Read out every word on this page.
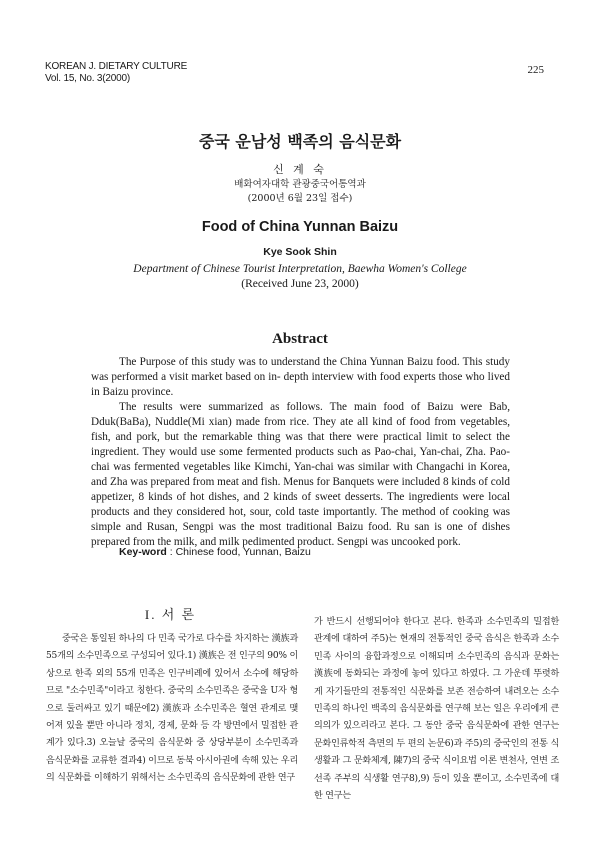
KOREAN J. DIETARY CULTURE
Vol. 15, No. 3(2000)
225
중국 운남성 백족의 음식문화
신 계 숙
배화여자대학 관광중국어통역과
(2000년 6월 23일 접수)
Food of China Yunnan Baizu
Kye Sook Shin
Department of Chinese Tourist Interpretation, Baewha Women's College
(Received June 23, 2000)
Abstract

The Purpose of this study was to understand the China Yunnan Baizu food. This study was performed a visit market based on in- depth interview with food experts those who lived in Baizu province.

The results were summarized as follows. The main food of Baizu were Bab, Dduk(BaBa), Nuddle(Mi xian) made from rice. They ate all kind of food from vegetables, fish, and pork, but the remarkable thing was that there were practical limit to select the ingredient. They would use some fermented products such as Pao-chai, Yan-chai, Zha. Pao-chai was fermented vegetables like Kimchi, Yan-chai was similar with Changachi in Korea, and Zha was prepared from meat and fish. Menus for Banquets were included 8 kinds of cold appetizer, 8 kinds of hot dishes, and 2 kinds of sweet desserts. The ingredients were local products and they considered hot, sour, cold taste importantly. The method of cooking was simple and Rusan, Sengpi was the most traditional Baizu food. Ru san is one of dishes prepared from the milk, and milk pedimented product. Sengpi was uncooked pork.

Key-word : Chinese food, Yunnan, Baizu
I. 서 론

중국은 통일된 하나의 다 민족 국가로 다수를 차지하는 漢族과 55개의 소수민족으로 구성되어 있다.1) 漢族은 전 인구의 90% 이상으로 한족 외의 55개 민족은 인구비례에 있어서 소수에 해당하므로 "소수민족"이라고 칭한다. 중국의 소수민족은 중국을 U자 형으로 둘러싸고 있기 때문에2) 漢族과 소수민족은 혈연 관계로 맺어져 있을 뿐만 아니라 정치, 경제, 문화 등 각 방면에서 밀접한 관계가 있다.3) 오늘날 중국의 음식문화 중 상당부분이 소수민족과 음식문화를 교류한 결과4) 이므로 동북 아시아권에 속해 있는 우리의 식문화를 이해하기 위해서는 소수민족의 음식문화에 관한 연구

가 반드시 선행되어야 한다고 본다. 한족과 소수민족의 밀접한 관계에 대하여 주5)는 현재의 전통적인 중국 음식은 한족과 소수민족 사이의 융합과정으로 이해되며 소수민족의 음식과 문화는 漢族에 동화되는 과정에 놓여 있다고 하였다. 그 가운데 뚜렷하게 자기들만의 전통적인 식문화를 보존 전승하여 내려오는 소수민족의 하나인 백족의 음식문화를 연구해 보는 일은 우리에게 큰 의의가 있으리라고 본다. 그 동안 중국 음식문화에 관한 연구는 문화인류학적 측면의 두 편의 논문6)과 주5)의 중국인의 전통 식생활과 그 문화체계, 陳7)의 중국 식이요법 이론 변천사, 연변 조선족 주부의 식생활 연구8),9) 등이 있을 뿐이고, 소수민족에 대한 연구는
